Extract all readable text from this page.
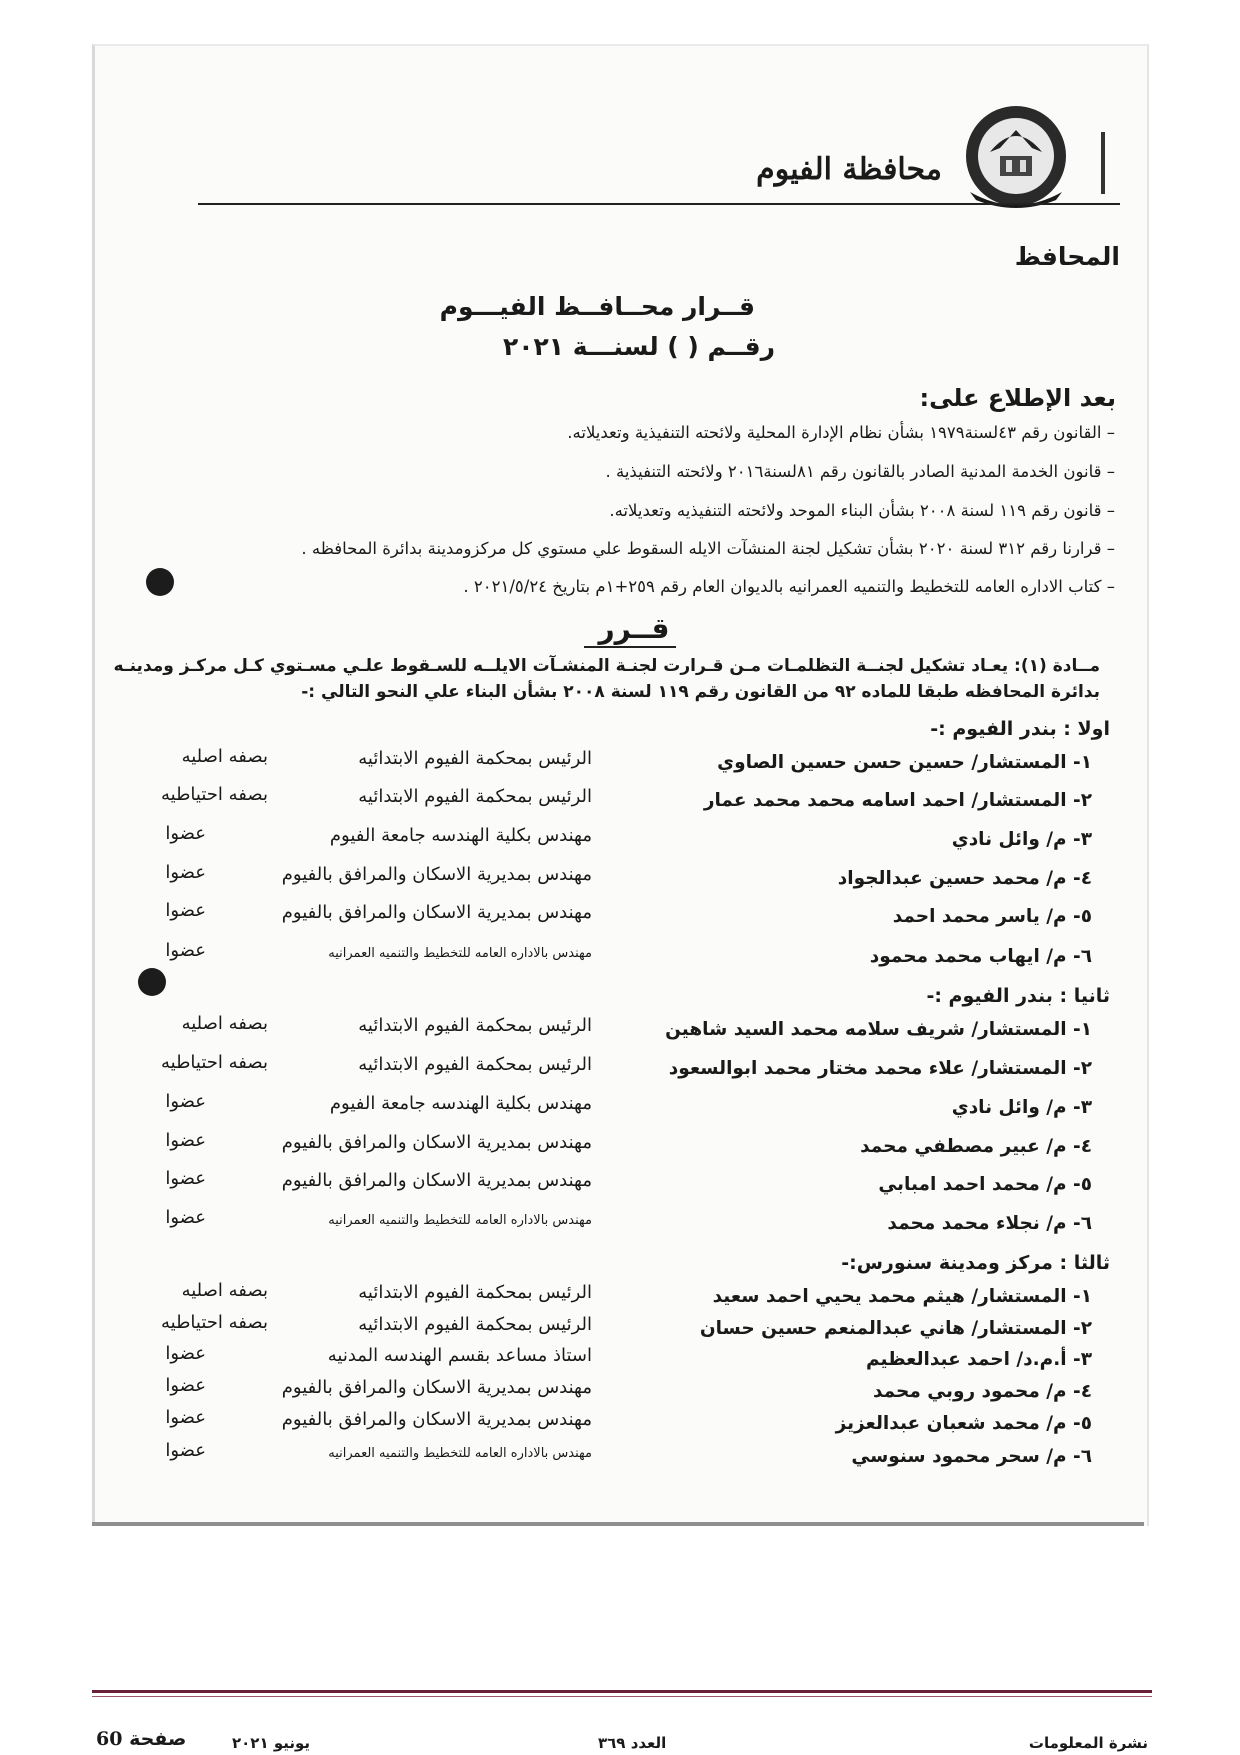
محافظة الفيوم
المحافظ
قــرار محــافــظ الفيـــوم
رقــم ( ) لسنـــة ٢٠٢١
بعد الإطلاع على:
– القانون رقم ٤٣لسنة١٩٧٩ بشأن نظام الإدارة المحلية ولائحته التنفيذية وتعديلاته.
– قانون الخدمة المدنية الصادر بالقانون رقم ٨١لسنة٢٠١٦ ولائحته التنفيذية .
– قانون رقم ١١٩ لسنة ٢٠٠٨ بشأن البناء الموحد ولائحته التنفيذيه وتعديلاته.
– قرارنا رقم ٣١٢ لسنة ٢٠٢٠ بشأن تشكيل لجنة المنشآت الايله السقوط علي مستوي كل مركزومدينة بدائرة المحافظه .
– كتاب الاداره العامه للتخطيط والتنميه العمرانيه بالديوان العام رقم ٢٥٩+١م بتاريخ ٢٠٢١/٥/٢٤ .
قــرر
مــادة (١): يعـاد تشكيل لجنــة التظلمـات مـن قـرارت لجنـة المنشـآت الايلــه للسـقوط علـي مسـتوي كـل مركـز ومدينـه
بدائرة المحافظه طبقا للماده ٩٢ من القانون رقم ١١٩ لسنة ٢٠٠٨ بشأن البناء علي النحو التالي :-
اولا : بندر الفيوم :-
١- المستشار/ حسين حسن حسين الصاوي
الرئيس بمحكمة الفيوم الابتدائيه
بصفه اصليه
٢- المستشار/ احمد اسامه محمد محمد عمار
الرئيس بمحكمة الفيوم الابتدائيه
بصفه احتياطيه
٣- م/ وائل نادي
مهندس بكلية الهندسه جامعة الفيوم
عضوا
٤- م/ محمد حسين عبدالجواد
مهندس بمديرية الاسكان والمرافق بالفيوم
عضوا
٥- م/ ياسر محمد احمد
مهندس بمديرية الاسكان والمرافق بالفيوم
عضوا
٦- م/ ايهاب محمد محمود
مهندس بالاداره العامه للتخطيط والتنميه العمرانيه
عضوا
ثانيا : بندر الفيوم :-
١- المستشار/ شريف سلامه محمد السيد شاهين
الرئيس بمحكمة الفيوم الابتدائيه
بصفه اصليه
٢- المستشار/ علاء محمد مختار محمد ابوالسعود
الرئيس بمحكمة الفيوم الابتدائيه
بصفه احتياطيه
٣- م/ وائل نادي
مهندس بكلية الهندسه جامعة الفيوم
عضوا
٤- م/ عبير مصطفي محمد
مهندس بمديرية الاسكان والمرافق بالفيوم
عضوا
٥- م/ محمد احمد امبابي
مهندس بمديرية الاسكان والمرافق بالفيوم
عضوا
٦- م/ نجلاء محمد محمد
مهندس بالاداره العامه للتخطيط والتنميه العمرانيه
عضوا
ثالثا : مركز ومدينة سنورس:-
١- المستشار/ هيثم محمد يحيي احمد سعيد
الرئيس بمحكمة الفيوم الابتدائيه
بصفه اصليه
٢- المستشار/ هاني عبدالمنعم حسين حسان
الرئيس بمحكمة الفيوم الابتدائيه
بصفه احتياطيه
٣- أ.م.د/ احمد عبدالعظيم
استاذ مساعد بقسم الهندسه المدنيه
عضوا
٤- م/ محمود روبي محمد
مهندس بمديرية الاسكان والمرافق بالفيوم
عضوا
٥- م/ محمد شعبان عبدالعزيز
مهندس بمديرية الاسكان والمرافق بالفيوم
عضوا
٦- م/ سحر محمود سنوسي
مهندس بالاداره العامه للتخطيط والتنميه العمرانيه
عضوا
نشرة المعلومات
العدد ٣٦٩
يونيو ٢٠٢١
صفحة 60
